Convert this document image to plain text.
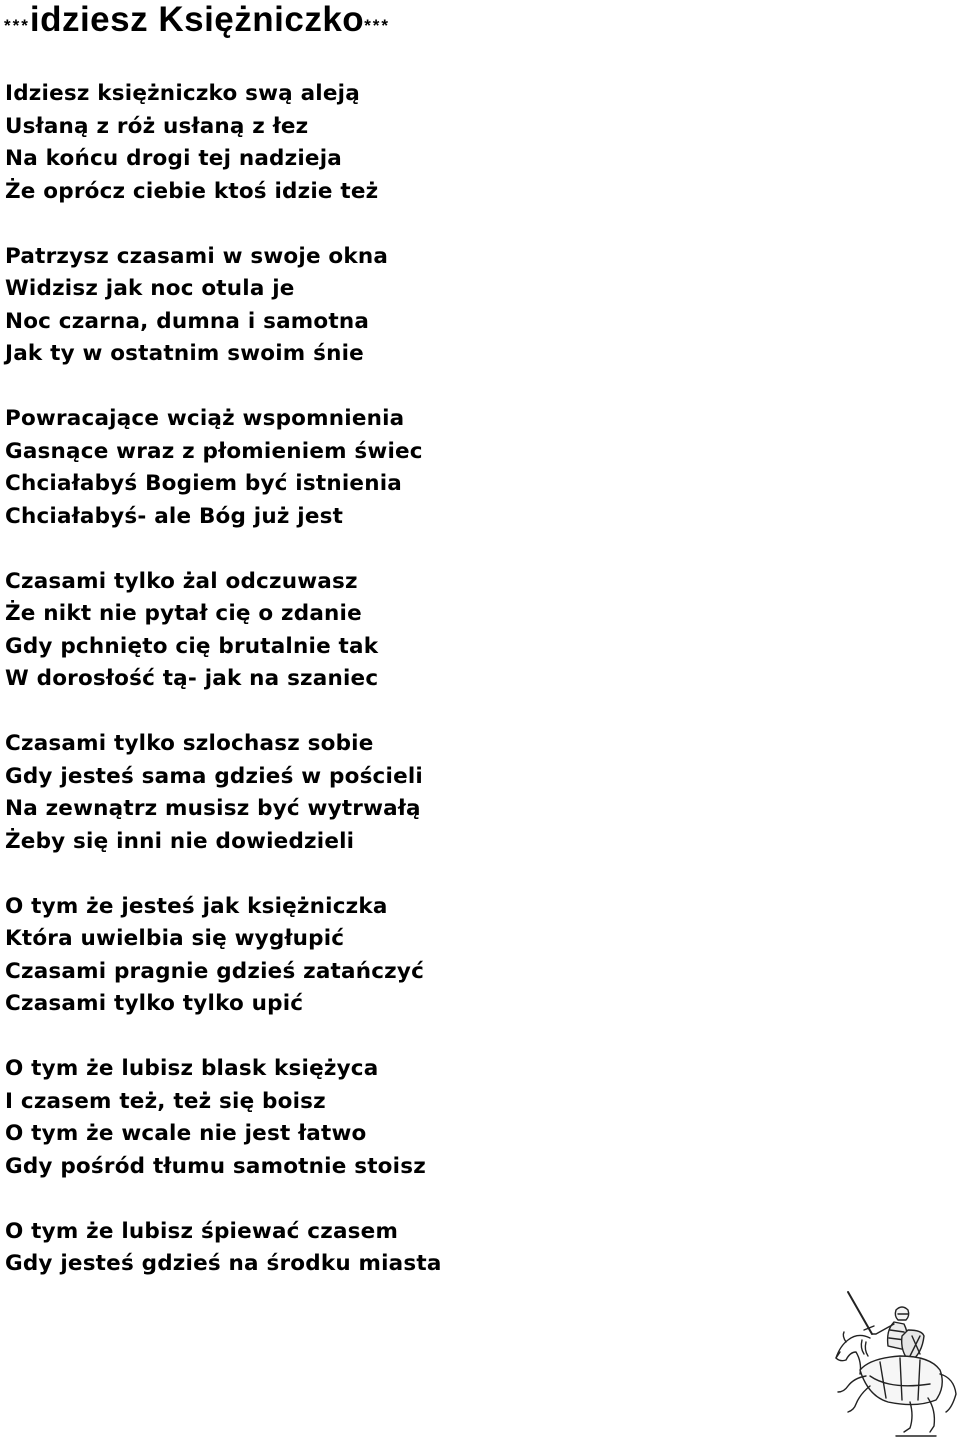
***idziesz Księżniczko***
Idziesz księżniczko swą aleją
Usłaną z róż usłaną z łez
Na końcu drogi tej nadzieja
Że oprócz ciebie ktoś idzie też
Patrzysz czasami w swoje okna
Widzisz jak noc otula je
Noc czarna, dumna i samotna
Jak ty w ostatnim swoim śnie
Powracające wciąż wspomnienia
Gasnące wraz z płomieniem świec
Chciałabyś Bogiem być istnienia
Chciałabyś- ale Bóg już jest
Czasami tylko żal odczuwasz
Że nikt nie pytał cię o zdanie
Gdy pchnięto cię brutalnie tak
W dorosłość tą- jak na szaniec
Czasami tylko szlochasz sobie
Gdy jesteś sama gdzieś w pościeli
Na zewnątrz musisz być wytrwałą
Żeby się inni nie dowiedzieli
O tym że jesteś jak księżniczka
Która uwielbia się wygłupić
Czasami pragnie gdzieś zatańczyć
Czasami tylko tylko upić
O tym że lubisz blask księżyca
I czasem też, też się boisz
O tym że wcale nie jest łatwo
Gdy pośród tłumu samotnie stoisz
O tym że lubisz śpiewać czasem
Gdy jesteś gdzieś na środku miasta
